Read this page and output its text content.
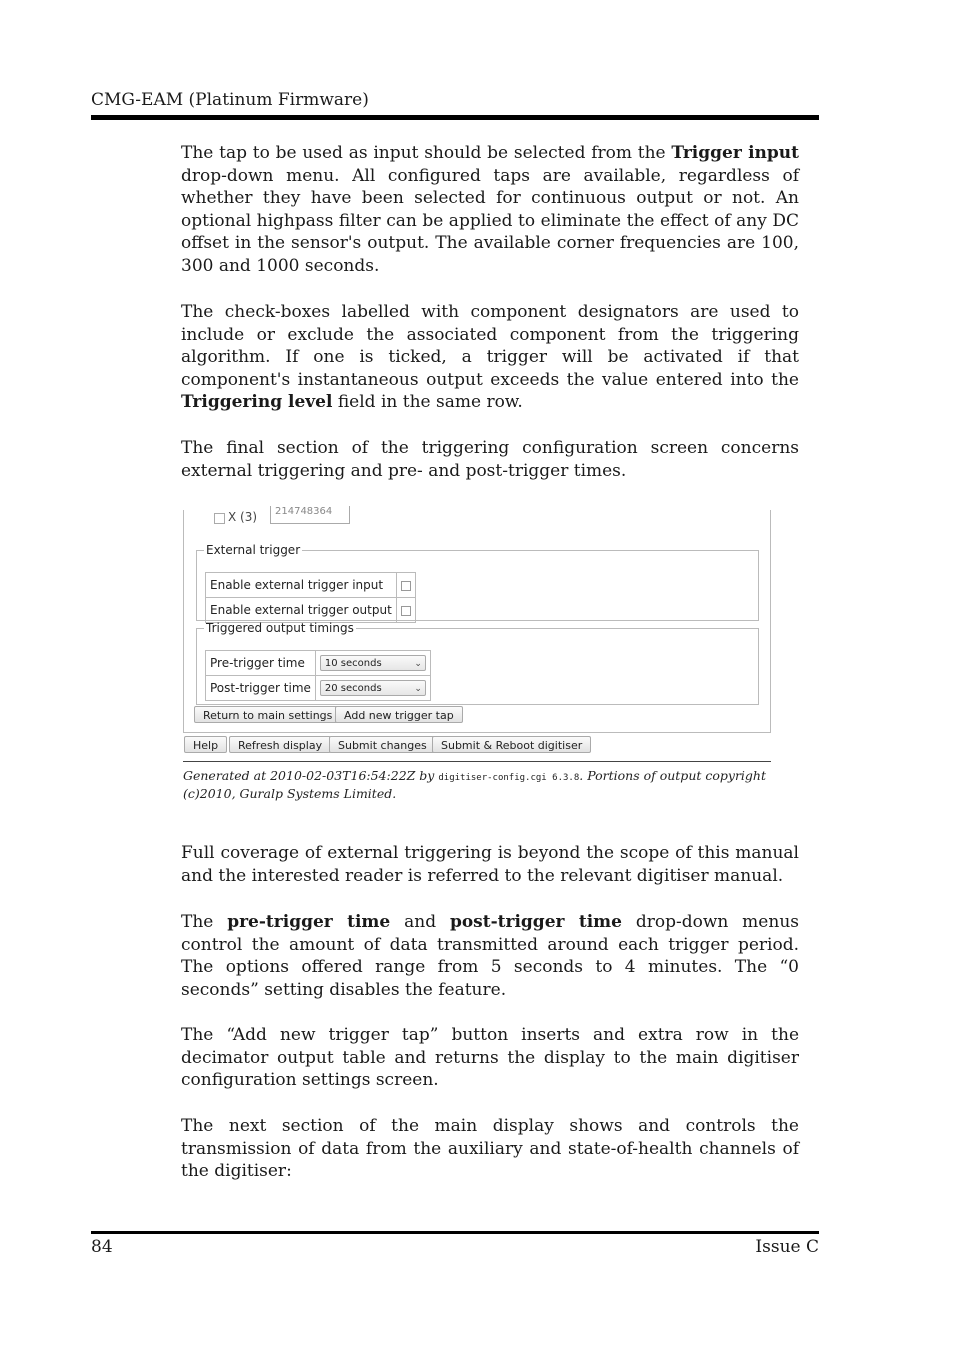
CMG-EAM (Platinum Firmware)

The tap to be used as input should be selected from the Trigger input drop-down menu. All configured taps are available, regardless of whether they have been selected for continuous output or not. An optional highpass filter can be applied to eliminate the effect of any DC offset in the sensor's output. The available corner frequencies are 100, 300 and 1000 seconds.

The check-boxes labelled with component designators are used to include or exclude the associated component from the triggering algorithm. If one is ticked, a trigger will be activated if that component's instantaneous output exceeds the value entered into the Triggering level field in the same row.

The final section of the triggering configuration screen concerns external triggering and pre- and post-trigger times.

X (3)	214748364
External trigger
Enable external trigger input	
Enable external trigger output	
Triggered output timings
Pre-trigger time	10 seconds ⌄

Post-trigger time	20 seconds ⌄
Return to main settings	Add new trigger tap
Help	Refresh display	Submit changes	Submit & Reboot digitiser
Generated at 2010-02-03T16:54:22Z by digitiser-config.cgi 6.3.8. Portions of output copyright (c)2010, Guralp Systems Limited.

Full coverage of external triggering is beyond the scope of this manual and the interested reader is referred to the relevant digitiser manual.

The pre-trigger time and post-trigger time drop-down menus control the amount of data transmitted around each trigger period. The options offered range from 5 seconds to 4 minutes. The “0 seconds” setting disables the feature.

The “Add new trigger tap” button inserts and extra row in the decimator output table and returns the display to the main digitiser configuration settings screen.

The next section of the main display shows and controls the transmission of data from the auxiliary and state-of-health channels of the digitiser:

84	Issue C
